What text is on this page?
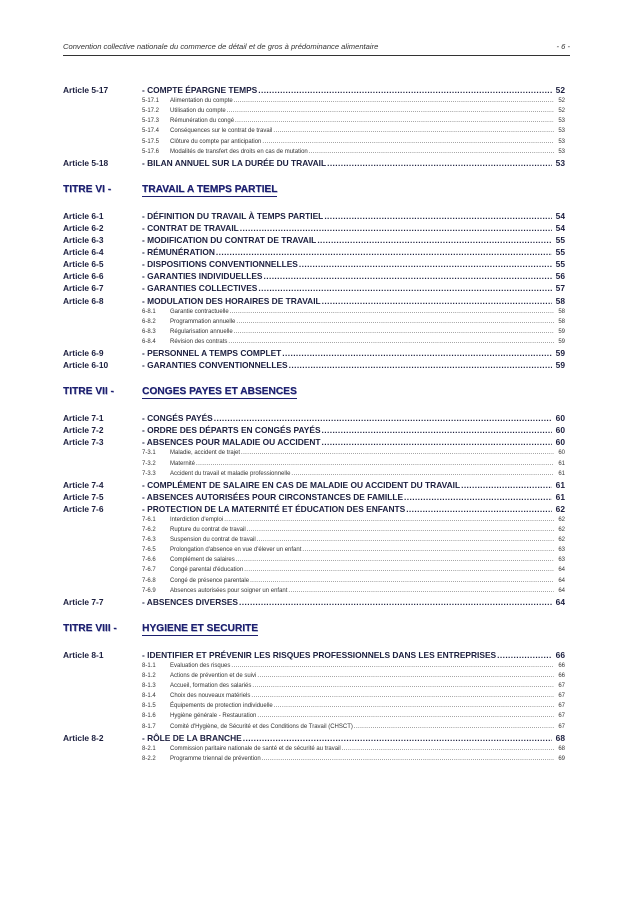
Convention collective nationale du commerce de détail et de gros à prédominance alimentaire	- 6 -
Article 5-17	- COMPTE ÉPARGNE TEMPS .....	52
5-17.1	Alimentation du compte .....	52
5-17.2	Utilisation du compte .....	52
5-17.3	Rémunération du congé .....	53
5-17.4	Conséquences sur le contrat de travail .....	53
5-17.5	Clôture du compte par anticipation .....	53
5-17.6	Modalités de transfert des droits en cas de mutation .....	53
Article 5-18	- BILAN ANNUEL SUR LA DURÉE DU TRAVAIL .....	53
TITRE VI -	TRAVAIL A TEMPS PARTIEL
Article 6-1	- DÉFINITION DU TRAVAIL À TEMPS PARTIEL .....	54
Article 6-2	- CONTRAT DE TRAVAIL .....	54
Article 6-3	- MODIFICATION DU CONTRAT DE TRAVAIL .....	55
Article 6-4	- RÉMUNÉRATION .....	55
Article 6-5	- DISPOSITIONS CONVENTIONNELLES .....	55
Article 6-6	- GARANTIES INDIVIDUELLES .....	56
Article 6-7	- GARANTIES COLLECTIVES .....	57
Article 6-8	- MODULATION DES HORAIRES DE TRAVAIL .....	58
6-8.1	Garantie contractuelle .....	58
6-8.2	Programmation annuelle .....	58
6-8.3	Régularisation annuelle .....	59
6-8.4	Révision des contrats .....	59
Article 6-9	- PERSONNEL A TEMPS COMPLET .....	59
Article 6-10	- GARANTIES CONVENTIONNELLES .....	59
TITRE VII -	CONGES PAYES ET ABSENCES
Article 7-1	- CONGÉS PAYÉS .....	60
Article 7-2	- ORDRE DES DÉPARTS EN CONGÉS PAYÉS .....	60
Article 7-3	- ABSENCES POUR MALADIE OU ACCIDENT .....	60
7-3.1	Maladie, accident de trajet .....	60
7-3.2	Maternité .....	61
7-3.3	Accident du travail et maladie professionnelle .....	61
Article 7-4	- COMPLÉMENT DE SALAIRE EN CAS DE MALADIE OU ACCIDENT DU TRAVAIL .....	61
Article 7-5	- ABSENCES AUTORISÉES POUR CIRCONSTANCES DE FAMILLE .....	61
Article 7-6	- PROTECTION DE LA MATERNITÉ ET ÉDUCATION DES ENFANTS .....	62
7-6.1	Interdiction d'emploi .....	62
7-6.2	Rupture du contrat de travail .....	62
7-6.3	Suspension du contrat de travail .....	62
7-6.5	Prolongation d'absence en vue d'élever un enfant .....	63
7-6.6	Complément de salaires .....	63
7-6.7	Congé parental d'éducation .....	64
7-6.8	Congé de présence parentale .....	64
7-6.9	Absences autorisées pour soigner un enfant .....	64
Article 7-7	- ABSENCES DIVERSES .....	64
TITRE VIII - HYGIENE ET SECURITE
Article 8-1	- IDENTIFIER ET PRÉVENIR LES RISQUES PROFESSIONNELS DANS LES ENTREPRISES .....	66
8-1.1	Evaluation des risques .....	66
8-1.2	Actions de prévention et de suivi .....	66
8-1.3	Accueil, formation des salariés .....	67
8-1.4	Choix des nouveaux matériels .....	67
8-1.5	Équipements de protection individuelle .....	67
8-1.6	Hygiène générale - Restauration .....	67
8-1.7	Comité d'Hygiène, de Sécurité et des Conditions de Travail (CHSCT) .....	67
Article 8-2	- RÔLE DE LA BRANCHE .....	68
8-2.1	Commission paritaire nationale de santé et de sécurité au travail .....	68
8-2.2	Programme triennal de prévention .....	69
